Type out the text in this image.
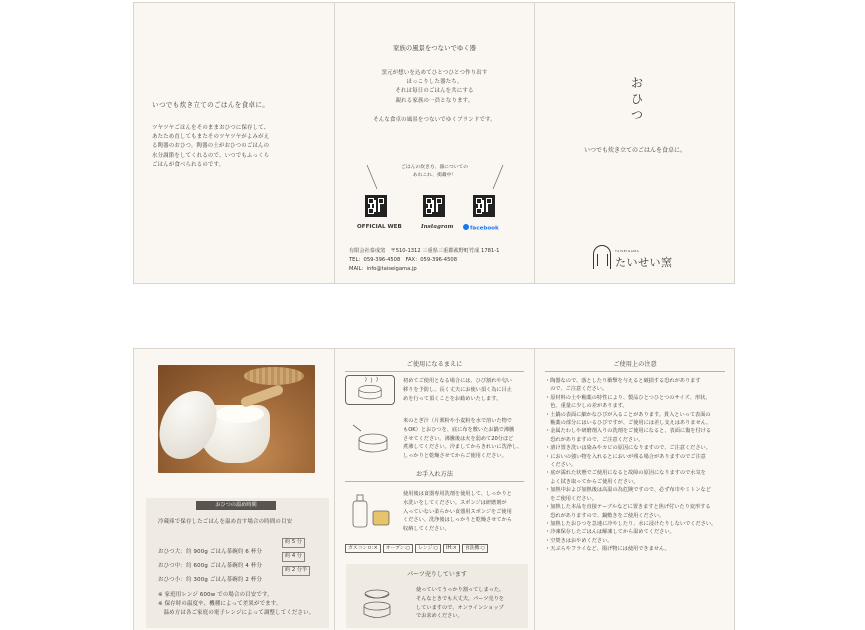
いつでも炊き立てのごはんを食卓に。
ツヤツヤごはんをそのままおひつに保存して、
あたため直してもまたそのツヤツヤがよみがえ
る陶器のおひつ。陶器の土がおひつのごはんの
水分調節をしてくれるので、いつでもふっくら
ごはんが食べられるのです。
家族の風景をつないでゆく器
窯元が想いを込めてひとつひとつ作り出す
ほっこりした器たち。
それは毎日のごはんを共にする
親れる家族の一員となります。
そんな食卓の風景をつないでゆくブランドです。
ごはんの炊き方、器についての
あれこれ、掲載中！
OFFICIAL WEB	Instagram	facebook
有限会社泰成窯　〒510-1312 三重県三重郡菰野町竹成 1781-1
TEL：059-396-4508　FAX：059-396-4508
MAIL：info@taiseigama.jp
お
ひ
つ
いつでも炊き立てのごはんを食卓に。
TAISEIGAMA
たいせい窯
おひつの温め時間
冷蔵庫で保存したごはんを温め直す場合の時間の目安
おひつ大：約 900g ごはん茶碗約 6 杯分
約 5 分
おひつ中：約 600g ごはん茶碗約 4 杯分
約 4 分
おひつ小：約 300g ごはん茶碗約 2 杯分
約 2 分半
※ 家庭用レンジ 600w での場合の目安です。
※ 保存時の温度や、機種によって差異がでます。
　温め方は各ご家庭の電子レンジによって調整してください。
ご使用になるまえに
初めてご使用となる場合には、ひび割れや匂い
移りを予防し、長く丈夫にお使い頂く為に目止
めを行って頂くことをお勧めいたします。
米のとぎ汁（片栗粉や小麦粉を水で溶いた物で
もOK）とおひつを、底に布を敷いたお鍋で沸騰
させてください。沸騰後は火を弱めて20分ほど
煮沸してください。冷ましてからきれいに洗浄し、
しっかりと乾燥させてからご使用ください。
お手入れ方法
使用後は食器専用洗剤を使用して、しっかりと
水洗いをしてください。スポンジは研磨剤が
入っていない柔らかい食器用スポンジをご使用
ください。洗浄後はしっかりと乾燥させてから
収納してください。
ガスコンロ:×	オーブン:○	レンジ:○	IH:×	食洗機:○
パーツ売りしています
使っていてうっかり割ってしまった。
そんなときでも大丈夫。パーツ売りを
していますので、オンラインショップ
でお求めください。
ご使用上の注意
・陶器なので、落としたり衝撃を与えると破損する恐れがあります
　ので、ご注意ください。
・原材料の土や釉薬の特性により、製品ひとつひとつのサイズ、形状、
　色、重量に少しの差があります。
・土鍋の表面に細かなひびが入ることがあります。貫入といって表面の
　釉薬の部分にはいるひびですが、ご使用には差し支えはありません。
・金属たわしや研磨剤入りの洗剤をご使用になると、表面に傷を付ける
　恐れがありますので、ご注意ください。
・漬け置き洗いは染みやカビの原因になりますので、ご注意ください。
・においの強い物を入れるとにおいが残る場合がありますのでご注意
　ください。
・底が濡れた状態でご使用になると故障の原因になりますので水気を
　よく拭き取ってからご使用ください。
・加熱中および加熱後は高温の為危険ですので、必ず布巾やミトンなど
　をご使用ください。
・加熱した本品を直接テーブルなどに置きますと焦げ付いたり変形する
　恐れがありますので、鍋敷きをご使用ください。
・加熱したおひつを急速に冷やしたり、水に浸けたりしないでください。
・冷凍保存したごはんは解凍してから温めてください。
・空焚きはおやめください。
・天ぷらやフライなど、揚げ物には使用できません。
